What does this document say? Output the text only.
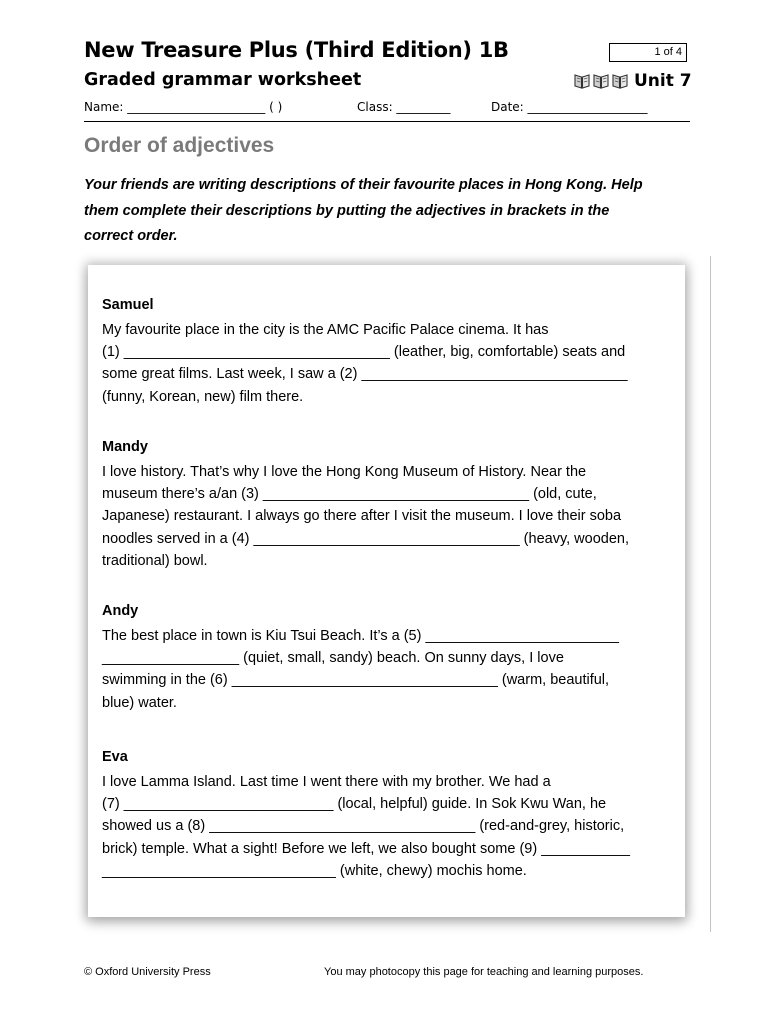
New Treasure Plus (Third Edition) 1B	1 of 4
Graded grammar worksheet	Unit 7
Name: _______________________ ( )	Class: _________	Date: ____________________
Order of adjectives

Your friends are writing descriptions of their favourite places in Hong Kong. Help

them complete their descriptions by putting the adjectives in brackets in the

correct order.

Samuel

My favourite place in the city is the AMC Pacific Palace cinema. It has

(1) _________________________________ (leather, big, comfortable) seats and

some great films. Last week, I saw a (2) _________________________________

(funny, Korean, new) film there.

Mandy

I love history. That’s why I love the Hong Kong Museum of History. Near the

museum there’s a/an (3) _________________________________ (old, cute,

Japanese) restaurant. I always go there after I visit the museum. I love their soba

noodles served in a (4) _________________________________ (heavy, wooden,

traditional) bowl.

Andy

The best place in town is Kiu Tsui Beach. It’s a (5) ________________________

_________________ (quiet, small, sandy) beach. On sunny days, I love

swimming in the (6) _________________________________ (warm, beautiful,

blue) water.

Eva

I love Lamma Island. Last time I went there with my brother. We had a

(7) __________________________ (local, helpful) guide. In Sok Kwu Wan, he

showed us a (8) _________________________________ (red-and-grey, historic,

brick) temple. What a sight! Before we left, we also bought some (9) ___________

_____________________________ (white, chewy) mochis home.

© Oxford University Press	You may photocopy this page for teaching and learning purposes.
